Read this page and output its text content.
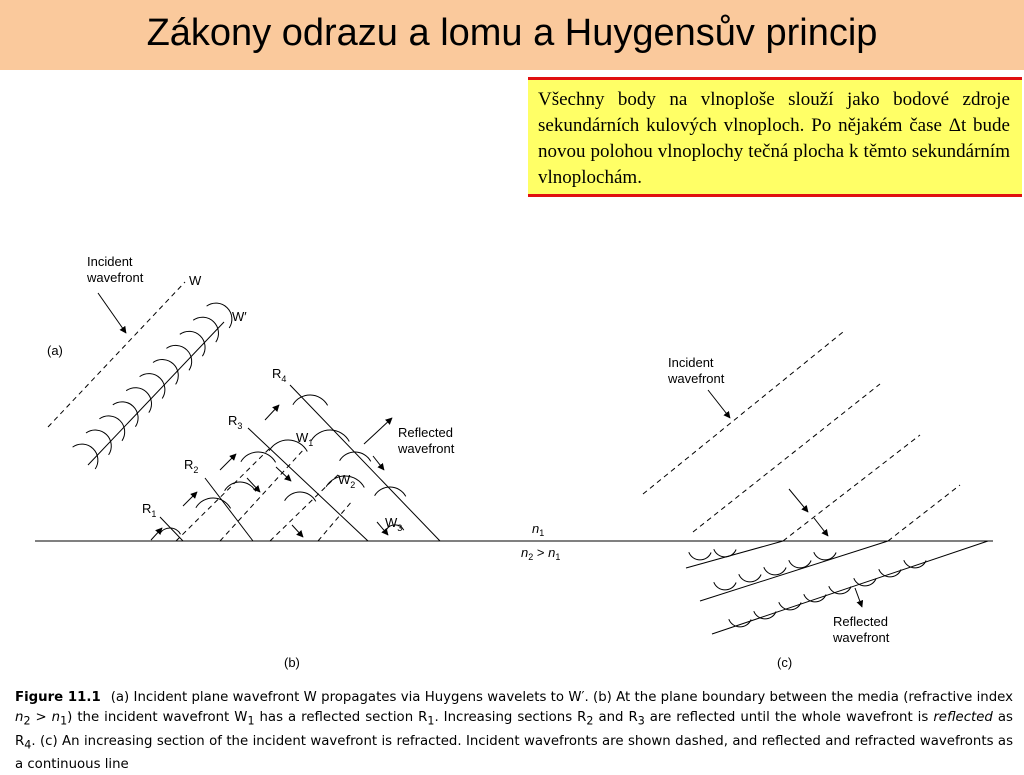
Zákony odrazu a lomu a Huygensův princip
Všechny body na vlnoploše slouží jako bodové zdroje sekundárních kulových vlnoploch. Po nějakém čase Δt bude novou polohou vlnoplochy tečná plocha k těmto sekundárním vlnoplochám.
Incident
wavefront	W
W′
(a)
$n_1$
$n_2 > n_1$
$R_1$
$R_2$
$R_3$
$R_4$
$W_1$
$W_2$
$W_3$
Reflected
wavefront
(b)
Incident
wavefront
Reflected
wavefront
(c)
Figure 11.1 (a) Incident plane wavefront W propagates via Huygens wavelets to W′. (b) At the plane boundary between the media (refractive index $n_2 > n_1$) the incident wavefront $W_1$ has a reflected section $R_1$. Increasing sections $R_2$ and $R_3$ are reflected until the whole wavefront is reflected as $R_4$. (c) An increasing section of the incident wavefront is refracted. Incident wavefronts are shown dashed, and reflected and refracted wavefronts as a continuous line
